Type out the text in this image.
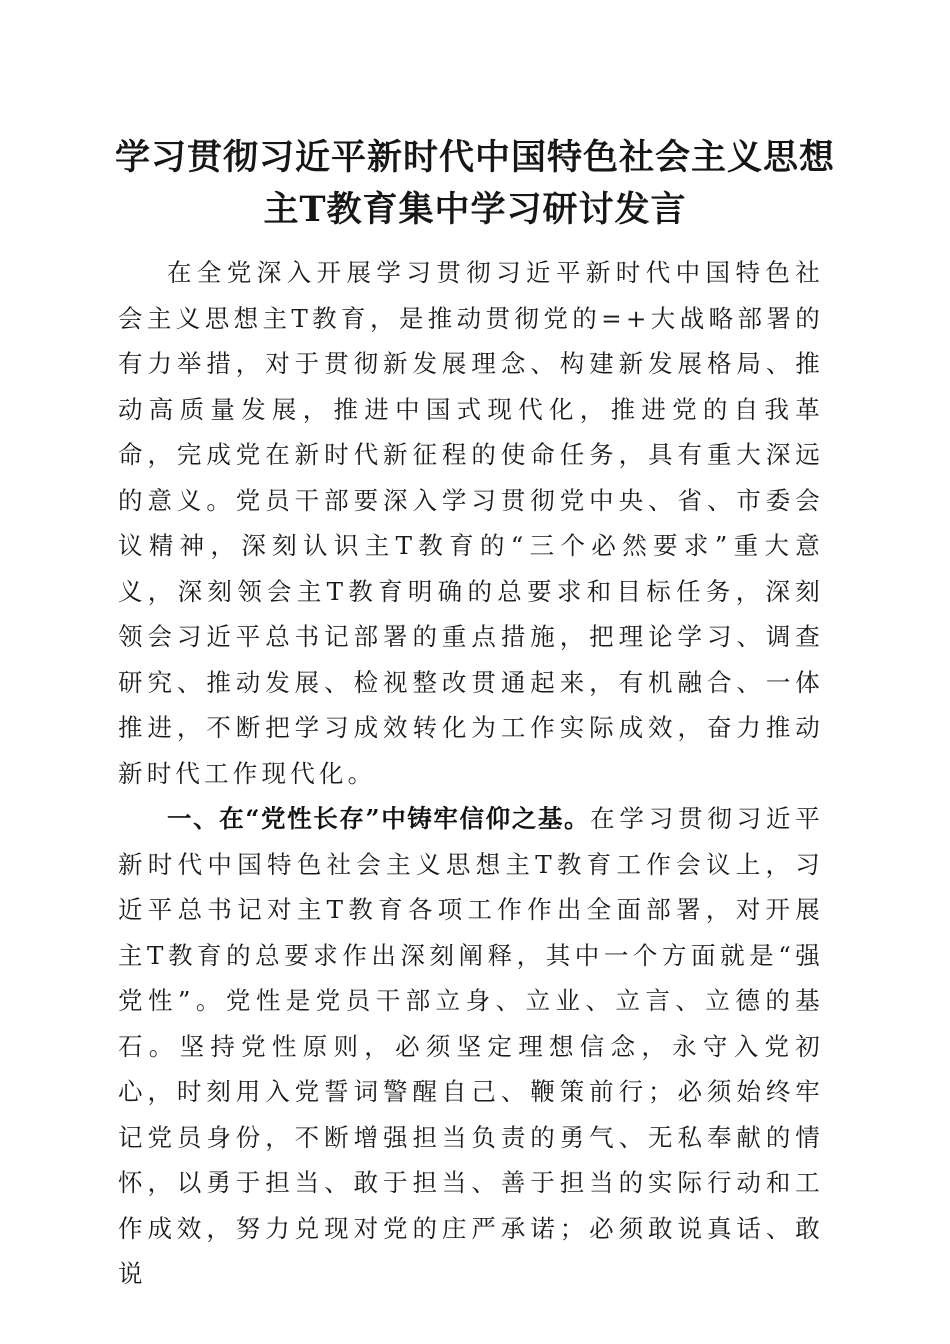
学习贯彻习近平新时代中国特色社会主义思想
主T教育集中学习研讨发言

在全党深入开展学习贯彻习近平新时代中国特色社会主义思想主T教育，是推动贯彻党的=+大战略部署的有力举措，对于贯彻新发展理念、构建新发展格局、推动高质量发展，推进中国式现代化，推进党的自我革命，完成党在新时代新征程的使命任务，具有重大深远的意义。党员干部要深入学习贯彻党中央、省、市委会议精神，深刻认识主T教育的“三个必然要求”重大意义，深刻领会主T教育明确的总要求和目标任务，深刻领会习近平总书记部署的重点措施，把理论学习、调查研究、推动发展、检视整改贯通起来，有机融合、一体推进，不断把学习成效转化为工作实际成效，奋力推动新时代工作现代化。

一、在“党性长存”中铸牢信仰之基。在学习贯彻习近平新时代中国特色社会主义思想主T教育工作会议上，习近平总书记对主T教育各项工作作出全面部署，对开展主T教育的总要求作出深刻阐释，其中一个方面就是“强党性”。党性是党员干部立身、立业、立言、立德的基石。坚持党性原则，必须坚定理想信念，永守入党初心，时刻用入党誓词警醒自己、鞭策前行；必须始终牢记党员身份，不断增强担当负责的勇气、无私奉献的情怀，以勇于担当、敢于担当、善于担当的实际行动和工作成效，努力兑现对党的庄严承诺；必须敢说真话、敢说
